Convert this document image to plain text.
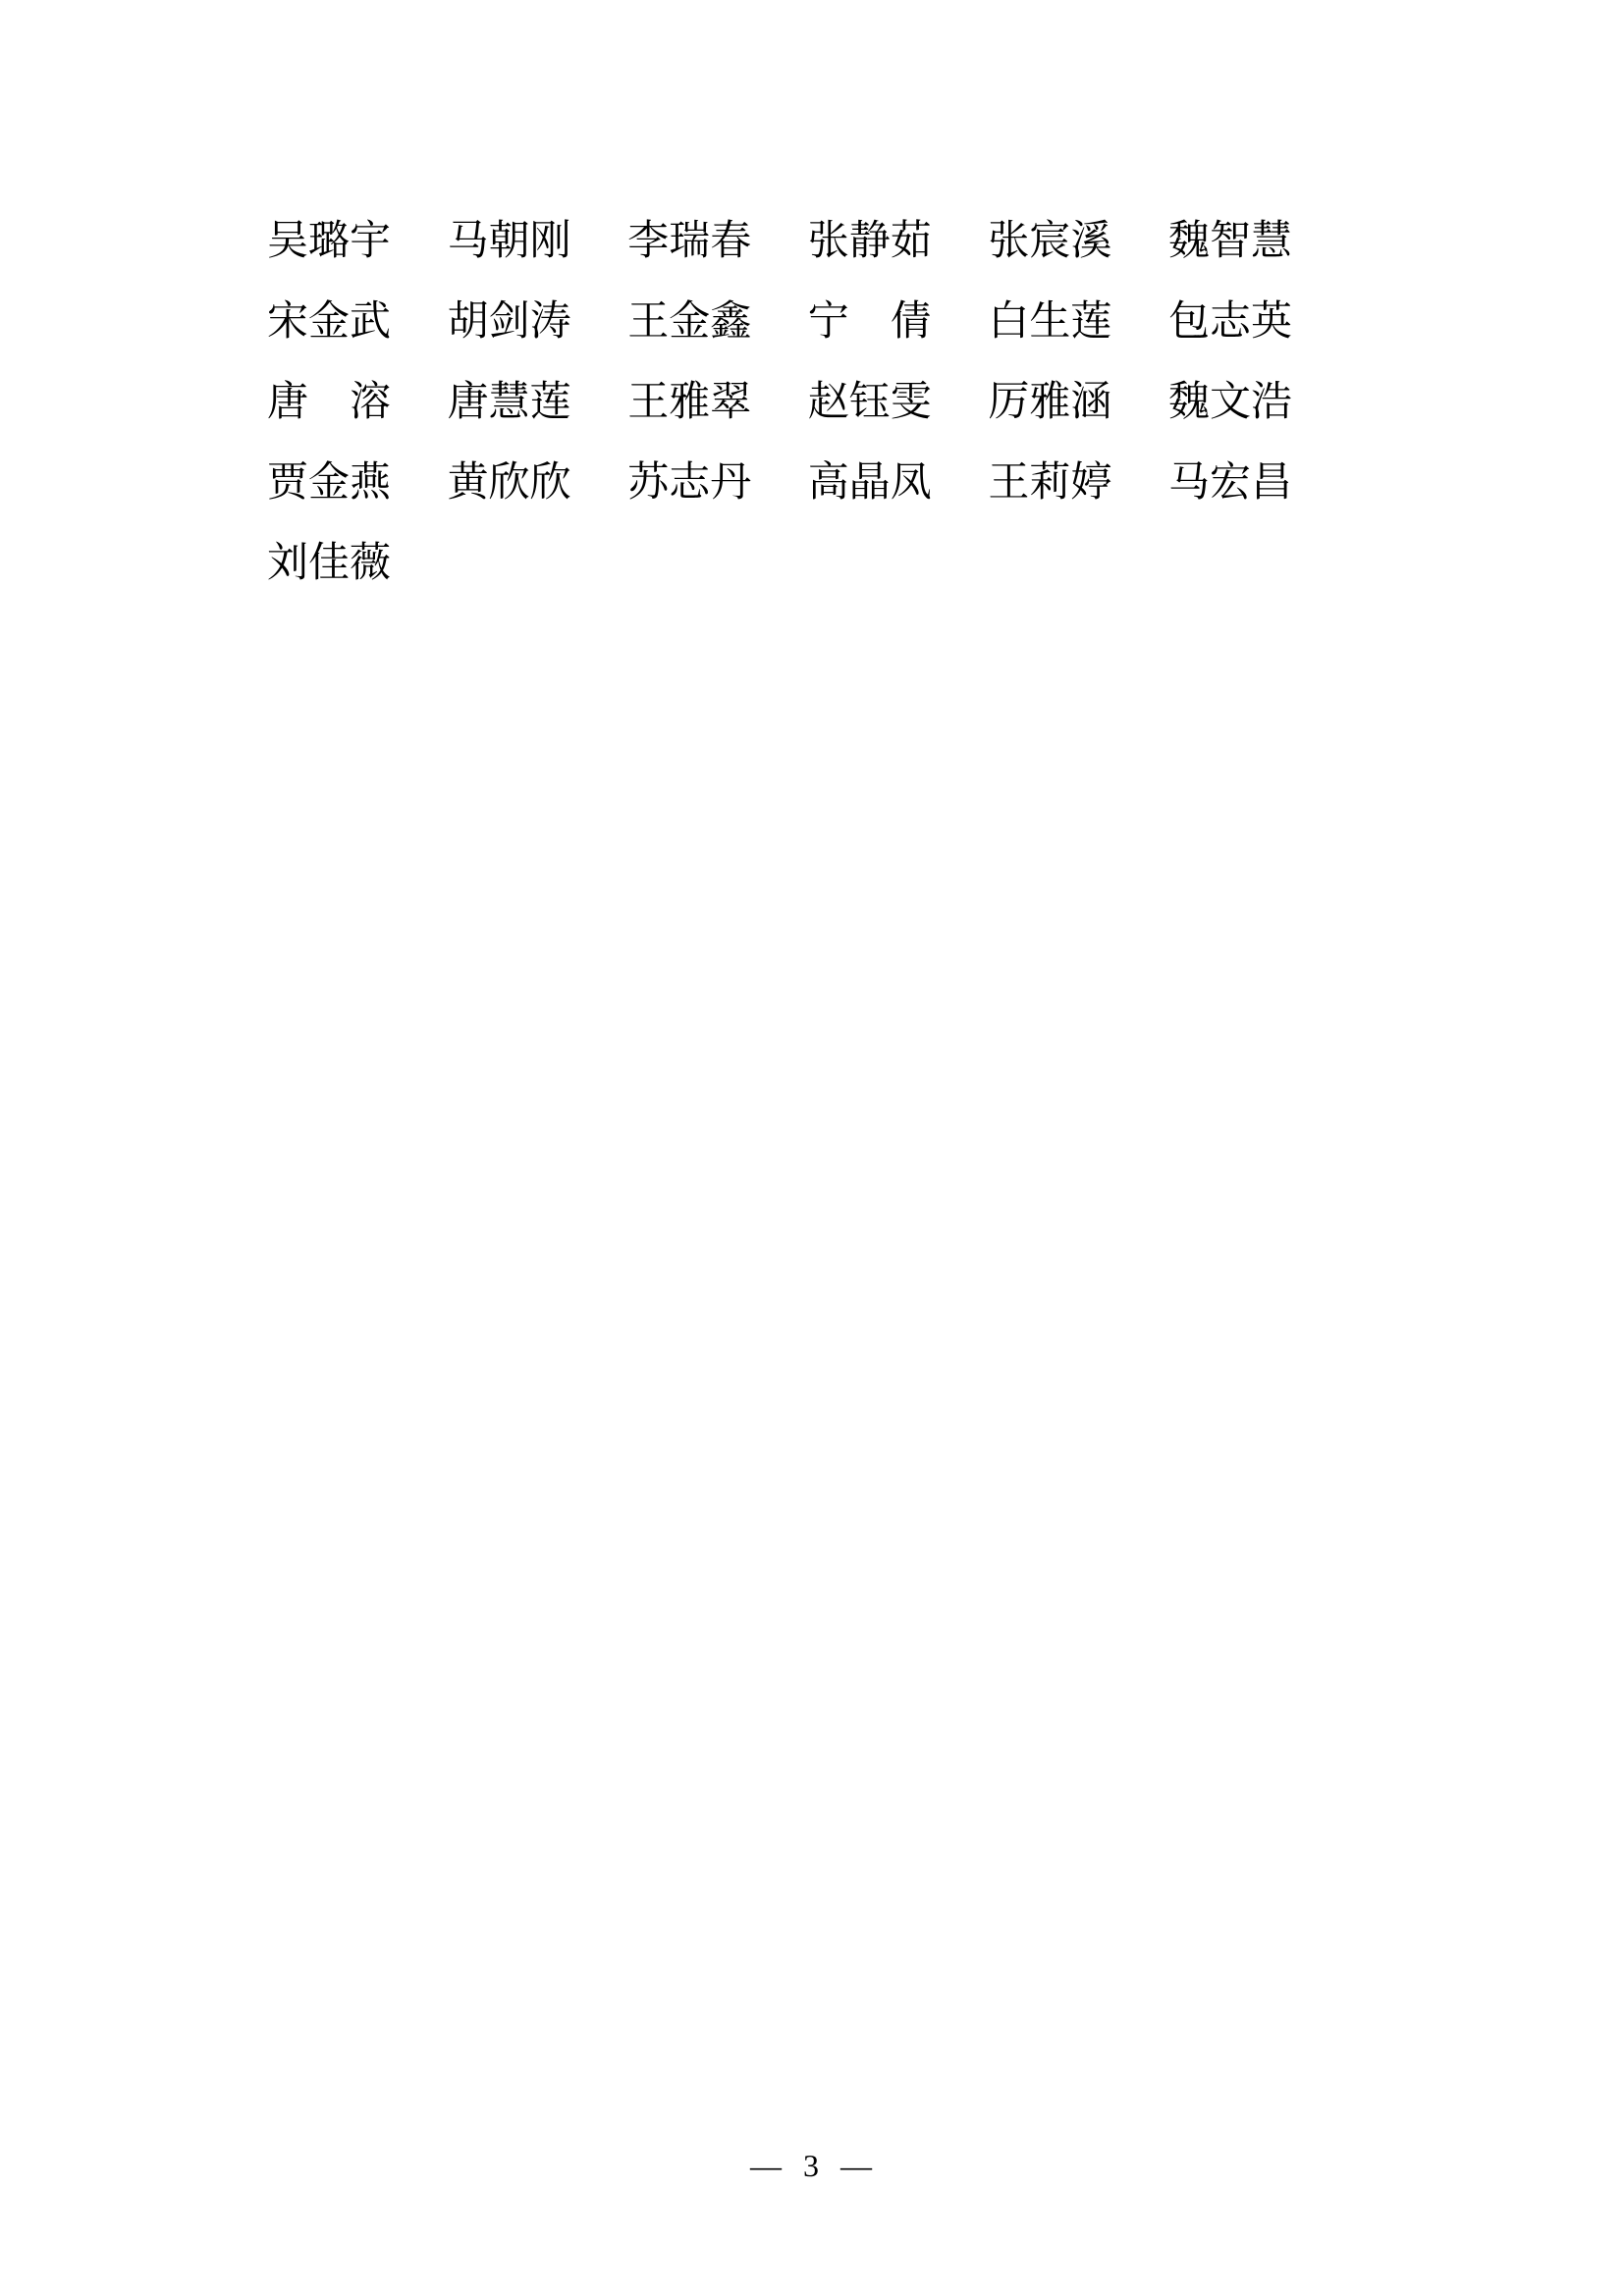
吴璐宇 马朝刚 李瑞春 张静茹 张宸溪 魏智慧
宋金武 胡剑涛 王金鑫 宁　倩 白生莲 包志英
唐　溶 唐慧莲 王雅翠 赵钰雯 厉雅涵 魏文浩
贾金燕 黄欣欣 苏志丹 高晶凤 王莉婷 马宏昌
刘佳薇
— 3 —
